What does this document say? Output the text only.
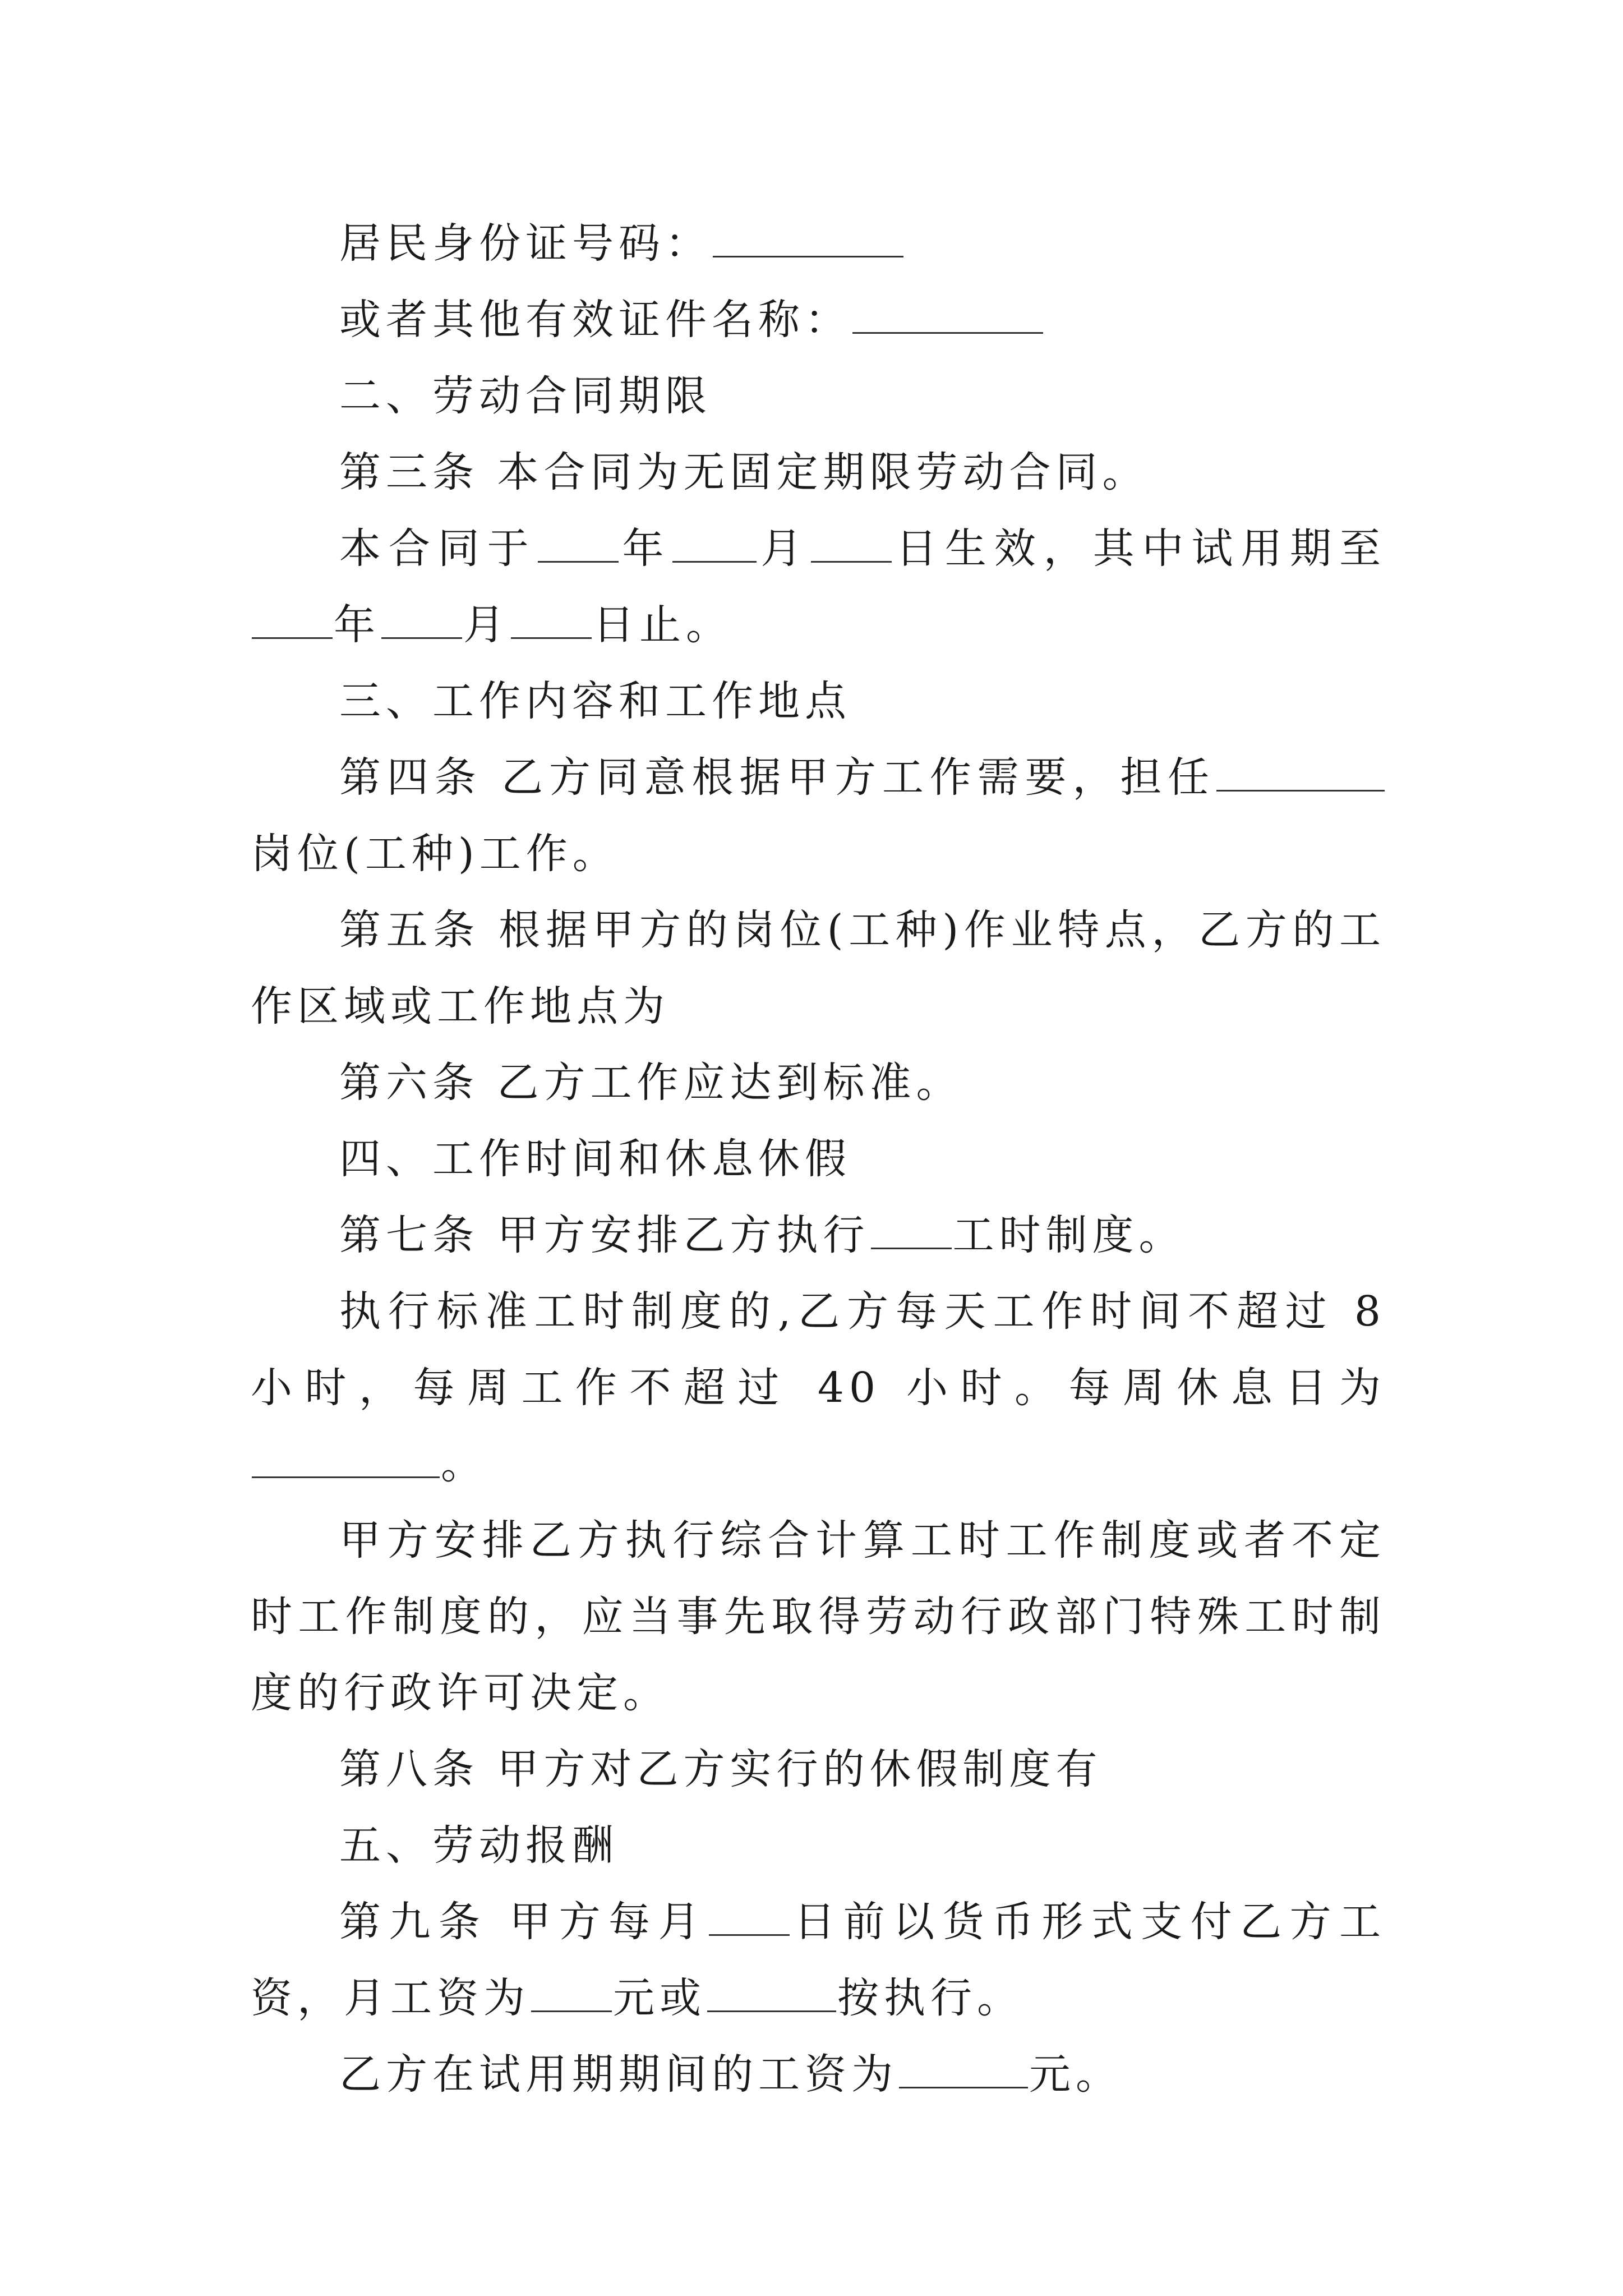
居民身份证号码：

或者其他有效证件名称：

二、劳动合同期限

第三条 本合同为无固定期限劳动合同。

本合同于 年 月 日生效，其中试用期至年 月 日止。

三、工作内容和工作地点

第四条 乙方同意根据甲方工作需要，担任岗位(工种)工作。

第五条 根据甲方的岗位(工种)作业特点，乙方的工作区域或工作地点为

第六条 乙方工作应达到标准。

四、工作时间和休息休假

第七条 甲方安排乙方执行 工时制度。

执行标准工时制度的,乙方每天工作时间不超过 8 小时，每周工作不超过 40 小时。每周休息日为。

甲方安排乙方执行综合计算工时工作制度或者不定时工作制度的，应当事先取得劳动行政部门特殊工时制度的行政许可决定。

第八条 甲方对乙方实行的休假制度有

五、劳动报酬

第九条 甲方每月 日前以货币形式支付乙方工资，月工资为 元或	按执行。

乙方在试用期期间的工资为	元。
